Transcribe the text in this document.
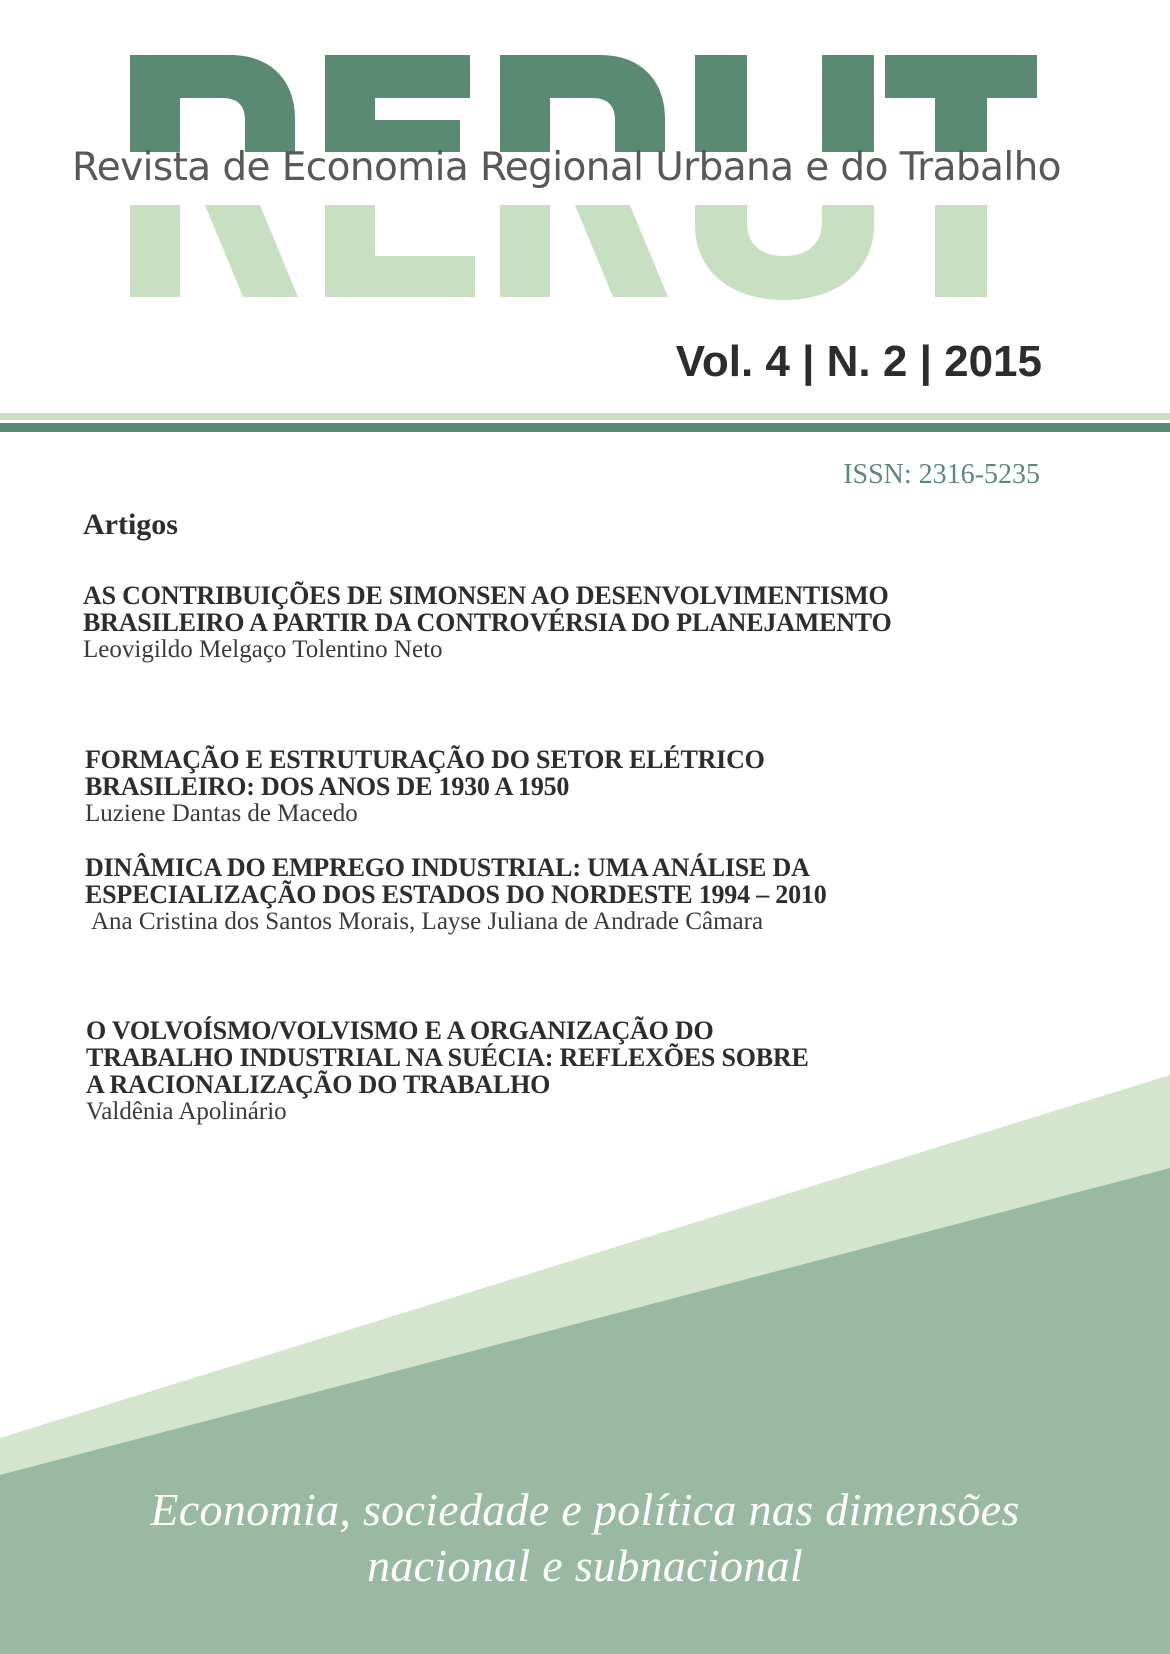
Revista de Economia Regional Urbana e do Trabalho
Vol. 4 | N. 2 | 2015
ISSN: 2316-5235
Artigos
AS CONTRIBUIÇÕES DE SIMONSEN AO DESENVOLVIMENTISMO
BRASILEIRO A PARTIR DA CONTROVÉRSIA DO PLANEJAMENTO
Leovigildo Melgaço Tolentino Neto
FORMAÇÃO E ESTRUTURAÇÃO DO SETOR ELÉTRICO
BRASILEIRO: DOS ANOS DE 1930 A 1950
Luziene Dantas de Macedo
DINÂMICA DO EMPREGO INDUSTRIAL: UMA ANÁLISE DA
ESPECIALIZAÇÃO DOS ESTADOS DO NORDESTE 1994 – 2010
Ana Cristina dos Santos Morais, Layse Juliana de Andrade Câmara
O VOLVOÍSMO/VOLVISMO E A ORGANIZAÇÃO DO
TRABALHO INDUSTRIAL NA SUÉCIA: REFLEXÕES SOBRE
A RACIONALIZAÇÃO DO TRABALHO
Valdênia Apolinário
Economia, sociedade e política nas dimensões
nacional e subnacional
